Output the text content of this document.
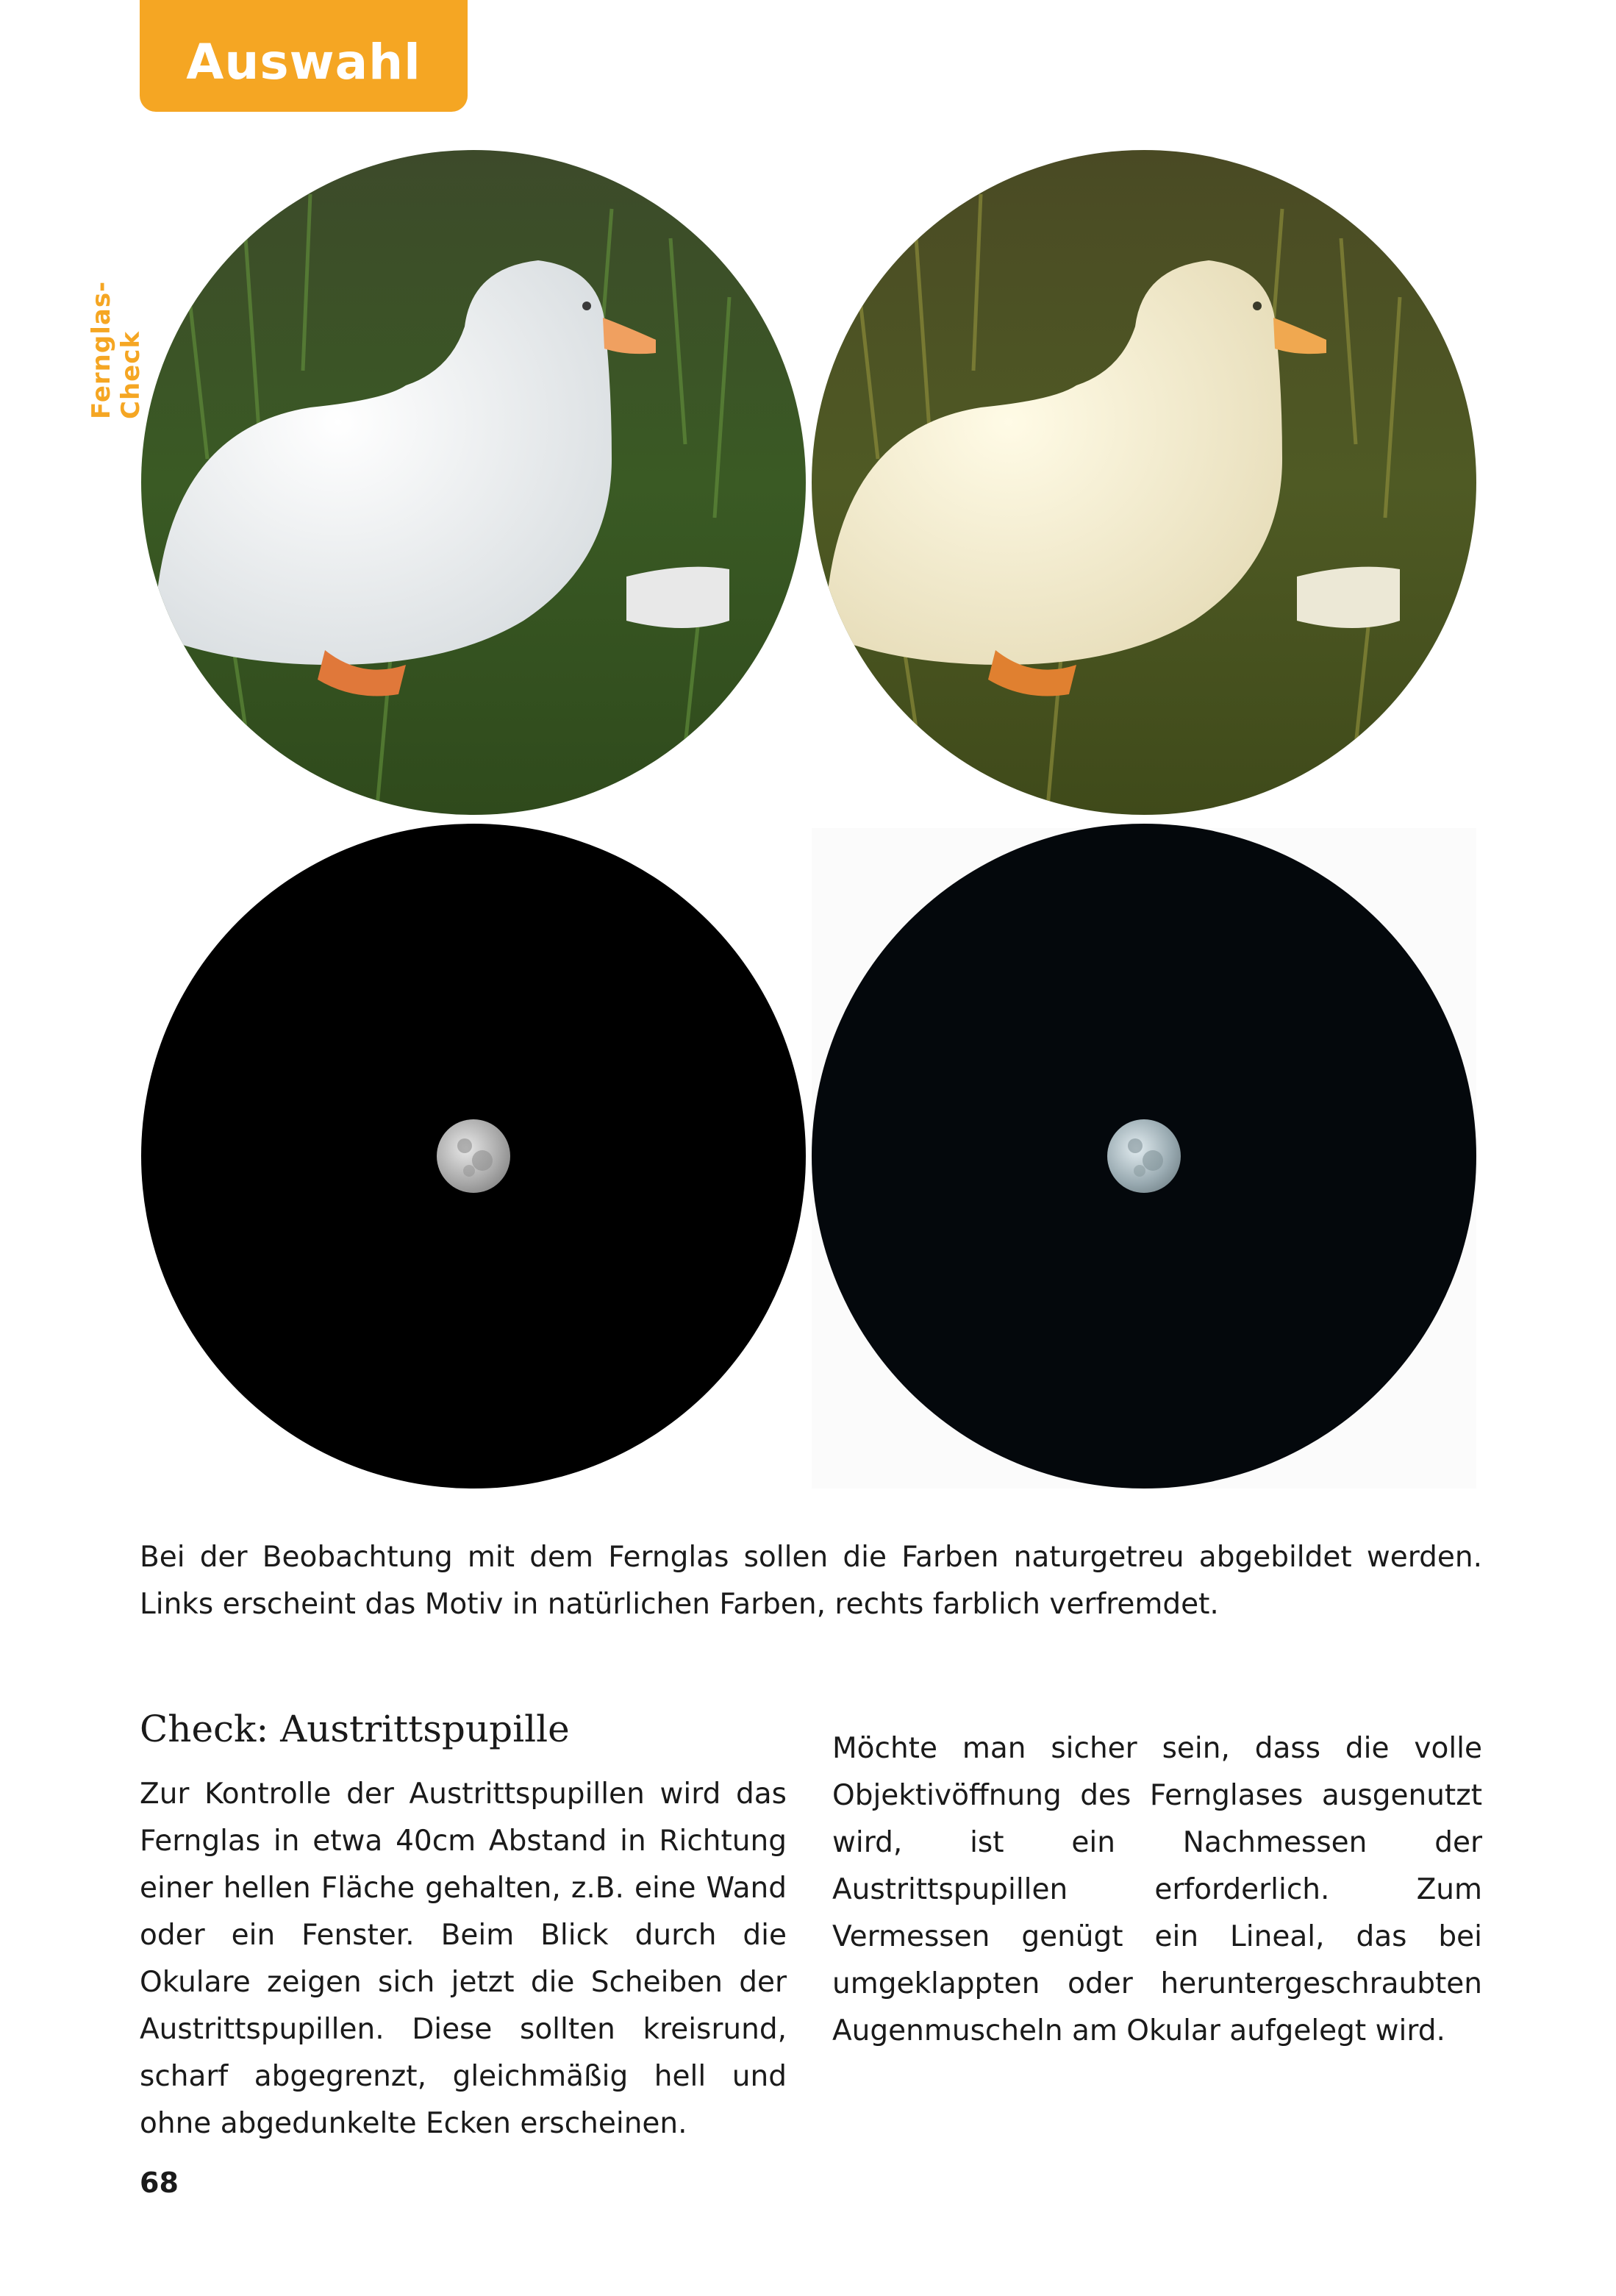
Auswahl
Fernglas-Check
Bei der Beobachtung mit dem Fernglas sollen die Farben naturgetreu abgebildet werden. Links erscheint das Motiv in natürlichen Farben, rechts farblich verfremdet.
Check: Austrittspupille
Zur Kontrolle der Austrittspupillen wird das Fernglas in etwa 40cm Abstand in Richtung einer hellen Fläche gehalten, z.B. eine Wand oder ein Fenster. Beim Blick durch die Okulare zeigen sich jetzt die Scheiben der Austrittspupillen. Diese sollten kreisrund, scharf abgegrenzt, gleichmäßig hell und ohne abgedunkelte Ecken erscheinen.
Möchte man sicher sein, dass die volle Objektivöffnung des Fernglases ausgenutzt wird, ist ein Nachmessen der Austrittspupillen erforderlich. Zum Vermessen genügt ein Lineal, das bei umgeklappten oder heruntergeschraubten Augenmuscheln am Okular aufgelegt wird.
68
